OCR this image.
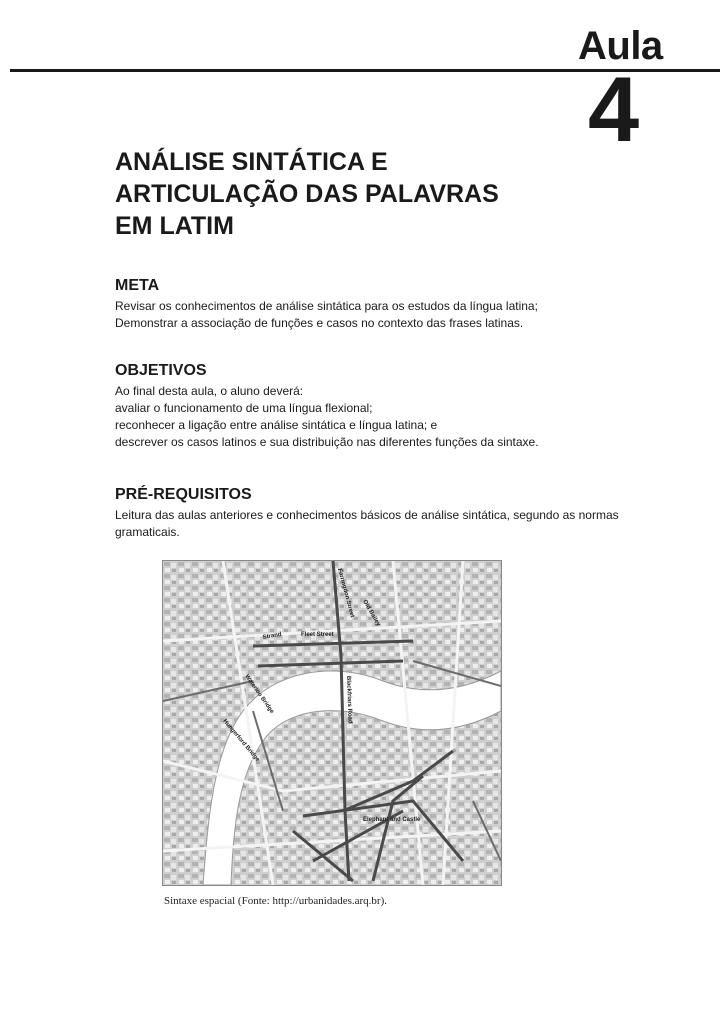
Aula
4
ANÁLISE SINTÁTICA E
ARTICULAÇÃO DAS PALAVRAS
EM LATIM
META

Revisar os conhecimentos de análise sintática para os estudos da língua latina;

Demonstrar a associação de funções e casos no contexto das frases latinas.

OBJETIVOS

Ao final desta aula, o aluno deverá:

avaliar o funcionamento de uma língua flexional;

reconhecer a ligação entre análise sintática e língua latina; e

descrever os casos latinos e sua distribuição nas diferentes funções da sintaxe.

PRÉ-REQUISITOS

Leitura das aulas anteriores e conhecimentos básicos de análise sintática, segundo as normas

gramaticais.

Fleet Street
Strand
Waterloo Bridge
Hungerford Bridge
Blackfriars Road
Elephant and Castle
Old Bailey
Farringdon Street
Sintaxe espacial (Fonte: http://urbanidades.arq.br).
